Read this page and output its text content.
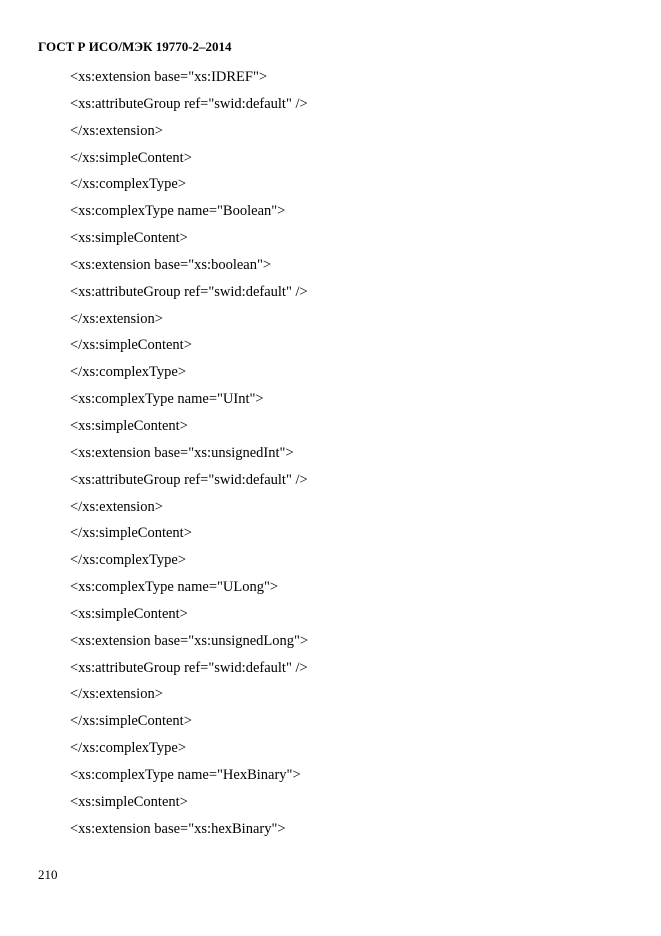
ГОСТ Р ИСО/МЭК 19770-2–2014
<xs:extension base="xs:IDREF">
<xs:attributeGroup ref="swid:default" />
</xs:extension>
</xs:simpleContent>
</xs:complexType>
<xs:complexType name="Boolean">
<xs:simpleContent>
<xs:extension base="xs:boolean">
<xs:attributeGroup ref="swid:default" />
</xs:extension>
</xs:simpleContent>
</xs:complexType>
<xs:complexType name="UInt">
<xs:simpleContent>
<xs:extension base="xs:unsignedInt">
<xs:attributeGroup ref="swid:default" />
</xs:extension>
</xs:simpleContent>
</xs:complexType>
<xs:complexType name="ULong">
<xs:simpleContent>
<xs:extension base="xs:unsignedLong">
<xs:attributeGroup ref="swid:default" />
</xs:extension>
</xs:simpleContent>
</xs:complexType>
<xs:complexType name="HexBinary">
<xs:simpleContent>
<xs:extension base="xs:hexBinary">
210
